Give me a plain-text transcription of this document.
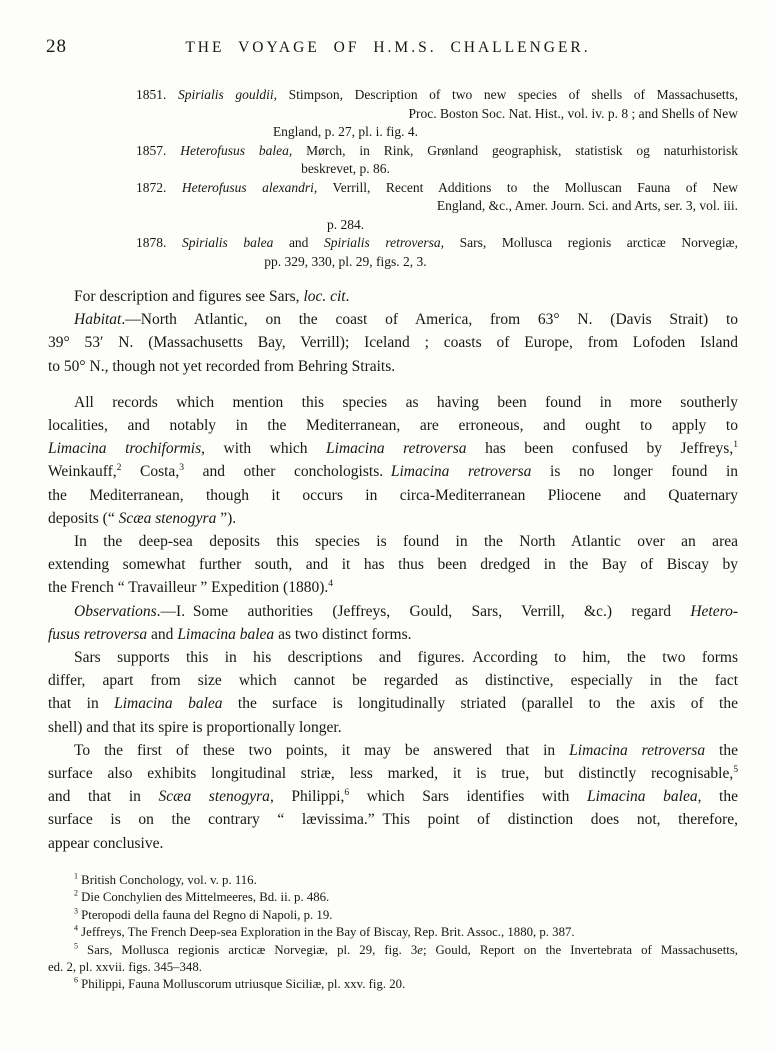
28	THE VOYAGE OF H.M.S. CHALLENGER.
1851. Spirialis gouldii, Stimpson, Description of two new species of shells of Massachusetts,
Proc. Boston Soc. Nat. Hist., vol. iv. p. 8 ; and Shells of New
England, p. 27, pl. i. fig. 4.
1857. Heterofusus balea, Mørch, in Rink, Grønland geographisk, statistisk og naturhistorisk
beskrevet, p. 86.
1872. Heterofusus alexandri, Verrill, Recent Additions to the Molluscan Fauna of New
England, &c., Amer. Journ. Sci. and Arts, ser. 3, vol. iii.
p. 284.
1878. Spirialis balea and Spirialis retroversa, Sars, Mollusca regionis arcticæ Norvegiæ,
pp. 329, 330, pl. 29, figs. 2, 3.
For description and figures see Sars, loc. cit.
Habitat.—North Atlantic, on the coast of America, from 63° N. (Davis Strait) to
39° 53′ N. (Massachusetts Bay, Verrill); Iceland ; coasts of Europe, from Lofoden Island
to 50° N., though not yet recorded from Behring Straits.
All records which mention this species as having been found in more southerly
localities, and notably in the Mediterranean, are erroneous, and ought to apply to
Limacina trochiformis, with which Limacina retroversa has been confused by Jeffreys,$^1$
Weinkauff,$^2$ Costa,$^3$ and other conchologists. Limacina retroversa is no longer found in
the Mediterranean, though it occurs in circa-Mediterranean Pliocene and Quaternary
deposits (“ Scæa stenogyra ”).
In the deep-sea deposits this species is found in the North Atlantic over an area
extending somewhat further south, and it has thus been dredged in the Bay of Biscay by
the French “ Travailleur ” Expedition (1880).$^4$
Observations.—I. Some authorities (Jeffreys, Gould, Sars, Verrill, &c.) regard Hetero-
fusus retroversa and Limacina balea as two distinct forms.
Sars supports this in his descriptions and figures. According to him, the two forms
differ, apart from size which cannot be regarded as distinctive, especially in the fact
that in Limacina balea the surface is longitudinally striated (parallel to the axis of the
shell) and that its spire is proportionally longer.
To the first of these two points, it may be answered that in Limacina retroversa the
surface also exhibits longitudinal striæ, less marked, it is true, but distinctly recognisable,$^5$
and that in Scæa stenogyra, Philippi,$^6$ which Sars identifies with Limacina balea, the
surface is on the contrary “ lævissima.” This point of distinction does not, therefore,
appear conclusive.
$^1$ British Conchology, vol. v. p. 116.
$^2$ Die Conchylien des Mittelmeeres, Bd. ii. p. 486.
$^3$ Pteropodi della fauna del Regno di Napoli, p. 19.
$^4$ Jeffreys, The French Deep-sea Exploration in the Bay of Biscay, Rep. Brit. Assoc., 1880, p. 387.
$^5$ Sars, Mollusca regionis arcticæ Norvegiæ, pl. 29, fig. 3e; Gould, Report on the Invertebrata of Massachusetts,
ed. 2, pl. xxvii. figs. 345–348.
$^6$ Philippi, Fauna Molluscorum utriusque Siciliæ, pl. xxv. fig. 20.
